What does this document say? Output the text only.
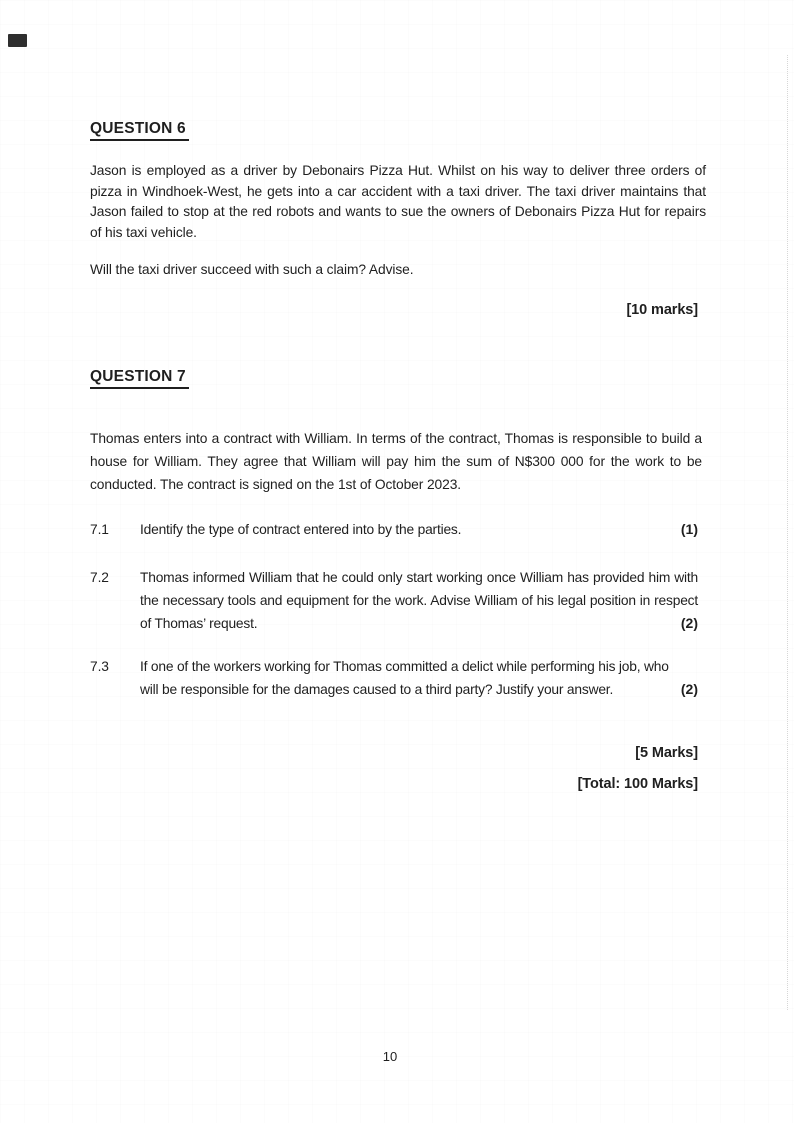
QUESTION 6
Jason is employed as a driver by Debonairs Pizza Hut. Whilst on his way to deliver three orders of pizza in Windhoek-West, he gets into a car accident with a taxi driver. The taxi driver maintains that Jason failed to stop at the red robots and wants to sue the owners of Debonairs Pizza Hut for repairs of his taxi vehicle.
Will the taxi driver succeed with such a claim? Advise.
[10 marks]
QUESTION 7
Thomas enters into a contract with William. In terms of the contract, Thomas is responsible to build a house for William. They agree that William will pay him the sum of N$300 000 for the work to be conducted. The contract is signed on the 1st of October 2023.
7.1	Identify the type of contract entered into by the parties.	(1)
7.2	Thomas informed William that he could only start working once William has provided him with the necessary tools and equipment for the work. Advise William of his legal position in respect of Thomas’ request.	(2)
7.3	If one of the workers working for Thomas committed a delict while performing his job, who will be responsible for the damages caused to a third party? Justify your answer.	(2)
[5 Marks]
[Total: 100 Marks]
10
